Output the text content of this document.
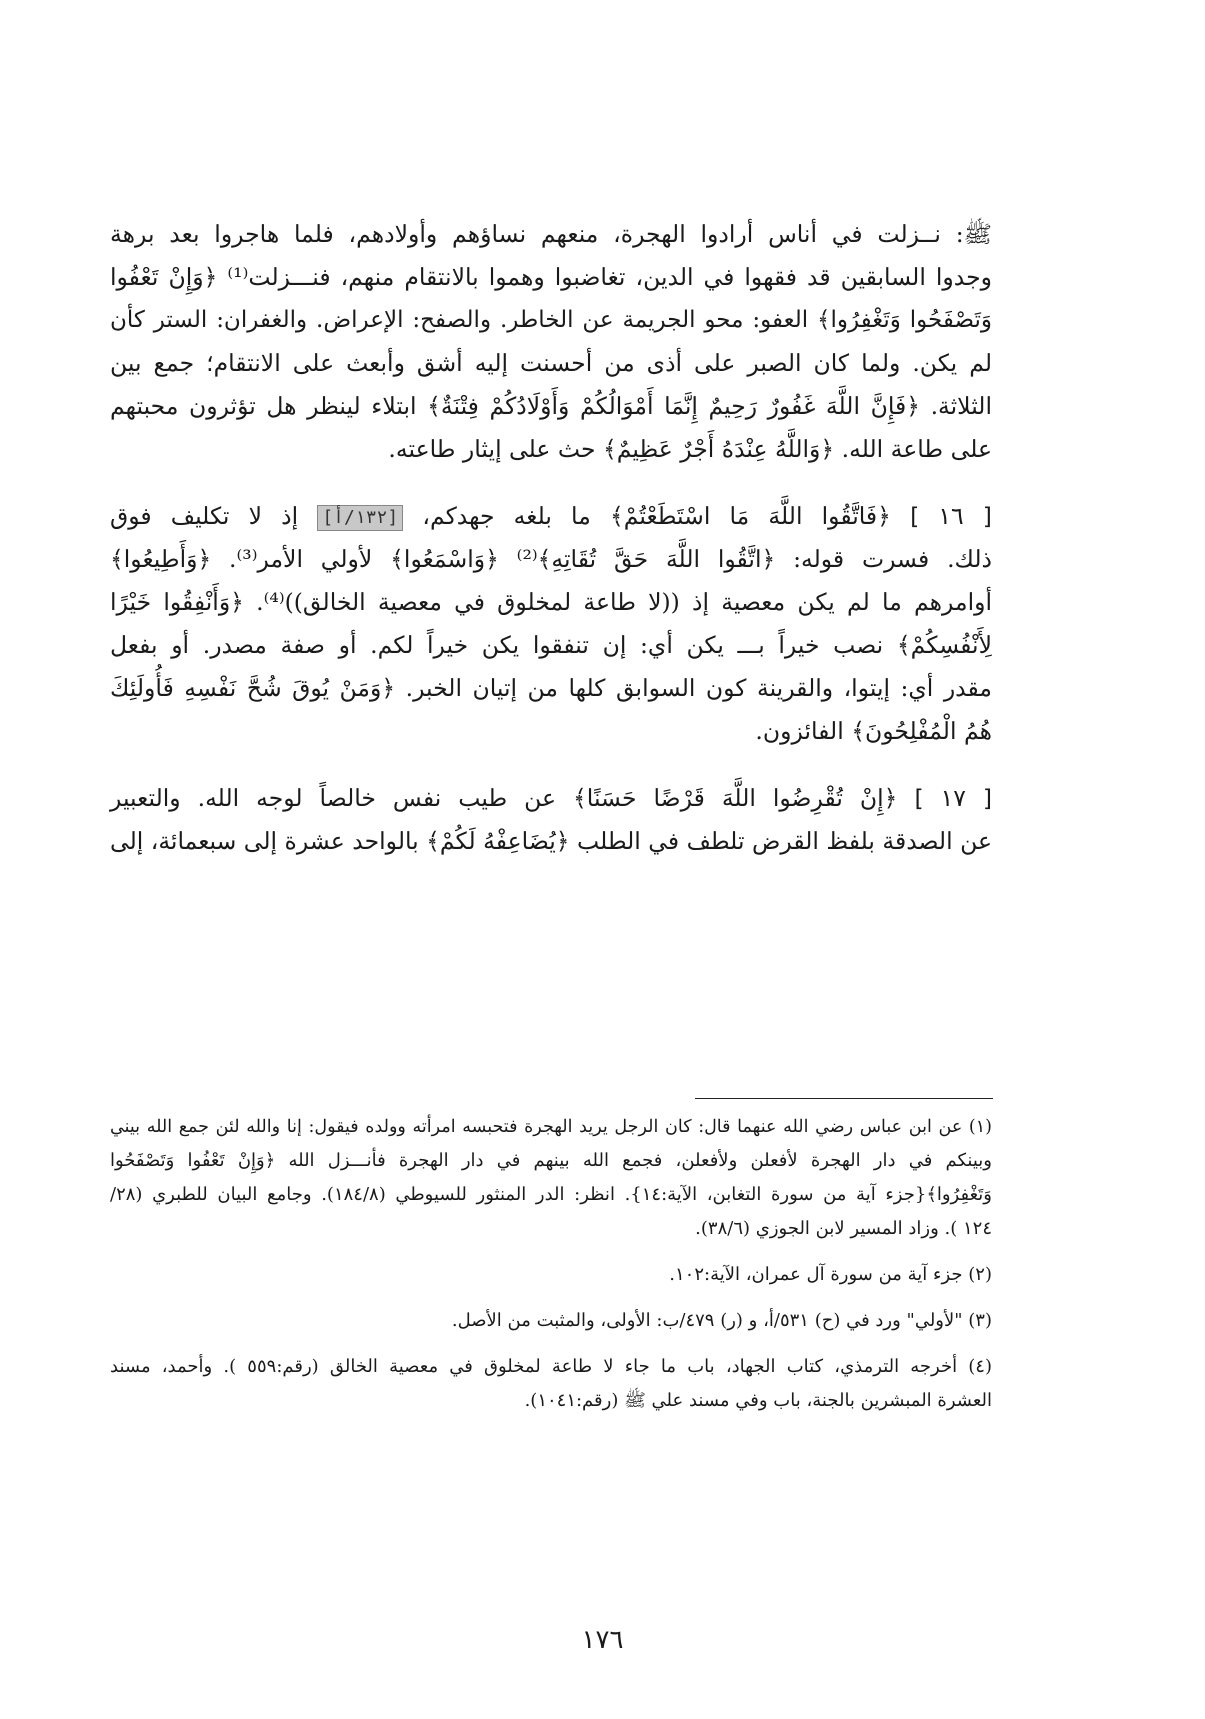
ﷺ: نــزلت في أناس أرادوا الهجرة، منعهم نساؤهم وأولادهم، فلما هاجروا بعد برهة
وجدوا السابقين قد فقهوا في الدين، تغاضبوا وهموا بالانتقام منهم، فنـــزلت⁽¹⁾ ﴿وَإِنْ تَعْفُوا
وَتَصْفَحُوا وَتَغْفِرُوا﴾ العفو: محو الجريمة عن الخاطر. والصفح: الإعراض. والغفران: الستر كأن
لم يكن. ولما كان الصبر على أذى من أحسنت إليه أشق وأبعث على الانتقام؛ جمع بين
الثلاثة. ﴿فَإِنَّ اللَّهَ غَفُورٌ رَحِيمٌ إِنَّمَا أَمْوَالُكُمْ وَأَوْلَادُكُمْ فِتْنَةٌ﴾ ابتلاء لينظر هل تؤثرون محبتهم
على طاعة الله. ﴿وَاللَّهُ عِنْدَهُ أَجْرٌ عَظِيمٌ﴾ حث على إيثار طاعته.

[ ١٦ ] ﴿فَاتَّقُوا اللَّهَ مَا اسْتَطَعْتُمْ﴾ ما بلغه جهدكم، [١٣٢/أ] إذ لا تكليف فوق
ذلك. فسرت قوله: ﴿اتَّقُوا اللَّهَ حَقَّ تُقَاتِهِ﴾⁽²⁾ ﴿وَاسْمَعُوا﴾ لأولي الأمر⁽³⁾. ﴿وَأَطِيعُوا﴾
أوامرهم ما لم يكن معصية إذ ((لا طاعة لمخلوق في معصية الخالق))⁽⁴⁾. ﴿وَأَنْفِقُوا خَيْرًا
لِأَنْفُسِكُمْ﴾ نصب خيراً بـــ يكن أي: إن تنفقوا يكن خيراً لكم. أو صفة مصدر. أو بفعل
مقدر أي: إيتوا، والقرينة كون السوابق كلها من إتيان الخبر. ﴿وَمَنْ يُوقَ شُحَّ نَفْسِهِ فَأُولَئِكَ
هُمُ الْمُفْلِحُونَ﴾ الفائزون.

[ ١٧ ] ﴿إِنْ تُقْرِضُوا اللَّهَ قَرْضًا حَسَنًا﴾ عن طيب نفس خالصاً لوجه الله. والتعبير
عن الصدقة بلفظ القرض تلطف في الطلب ﴿يُضَاعِفْهُ لَكُمْ﴾ بالواحد عشرة إلى سبعمائة، إلى

(١) عن ابن عباس رضي الله عنهما قال: كان الرجل يريد الهجرة فتحبسه امرأته وولده فيقول: إنا والله لئن جمع الله بيني
وبينكم في دار الهجرة لأفعلن ولأفعلن، فجمع الله بينهم في دار الهجرة فأنـــزل الله ﴿وَإِنْ تَعْفُوا وَتَصْفَحُوا
وَتَغْفِرُوا﴾{جزء آية من سورة التغابن، الآية:١٤}. انظر: الدر المنثور للسيوطي (١٨٤/٨). وجامع البيان للطبري (٢٨/
١٢٤ ). وزاد المسير لابن الجوزي (٣٨/٦).

(٢) جزء آية من سورة آل عمران، الآية:١٠٢.

(٣) "لأولي" ورد في (ح) ٥٣١/أ، و (ر) ٤٧٩/ب: الأولى، والمثبت من الأصل.

(٤) أخرجه الترمذي، كتاب الجهاد، باب ما جاء لا طاعة لمخلوق في معصية الخالق (رقم:٥٥٩ ). وأحمد، مسند
العشرة المبشرين بالجنة، باب وفي مسند علي ﷺ (رقم:١٠٤١).

١٧٦
